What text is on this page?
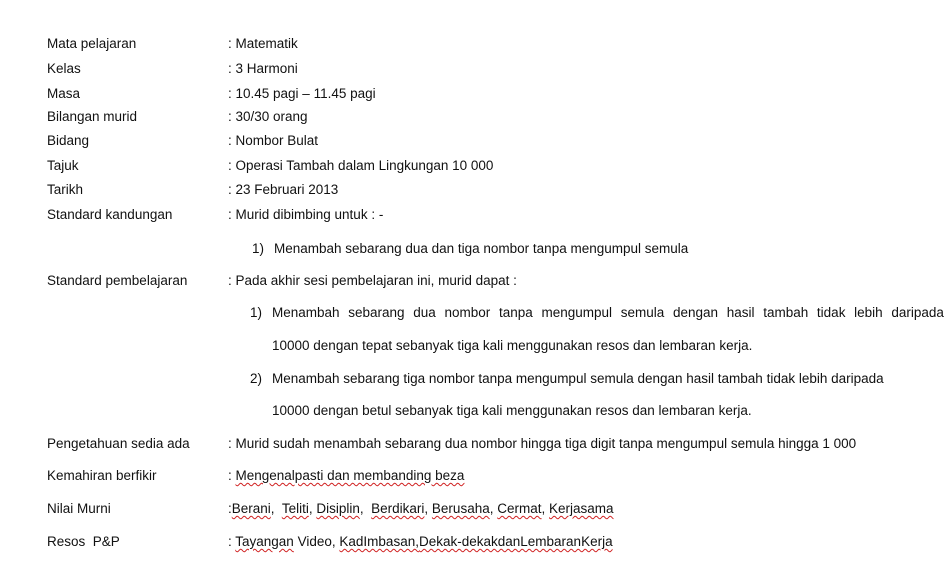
Mata pelajaran	: Matematik
Kelas	: 3 Harmoni
Masa	: 10.45 pagi – 11.45 pagi
Bilangan murid	: 30/30 orang
Bidang	: Nombor Bulat
Tajuk	: Operasi Tambah dalam Lingkungan 10 000
Tarikh	: 23 Februari 2013
Standard kandungan	: Murid dibimbing untuk : -
1) Menambah sebarang dua dan tiga nombor tanpa mengumpul semula
Standard pembelajaran	: Pada akhir sesi pembelajaran ini, murid dapat :
1) Menambah sebarang dua nombor tanpa mengumpul semula dengan hasil tambah tidak lebih daripada
10000 dengan tepat sebanyak tiga kali menggunakan resos dan lembaran kerja.
2) Menambah sebarang tiga nombor tanpa mengumpul semula dengan hasil tambah tidak lebih daripada
10000 dengan betul sebanyak tiga kali menggunakan resos dan lembaran kerja.
Pengetahuan sedia ada	: Murid sudah menambah sebarang dua nombor hingga tiga digit tanpa mengumpul semula hingga 1 000
Kemahiran berfikir	: Mengenalpasti dan membanding beza
Nilai Murni	:Berani,  Teliti, Disiplin,  Berdikari, Berusaha, Cermat, Kerjasama
Resos  P&P	: Tayangan Video, KadImbasan,Dekak-dekakdanLembaranKerja
